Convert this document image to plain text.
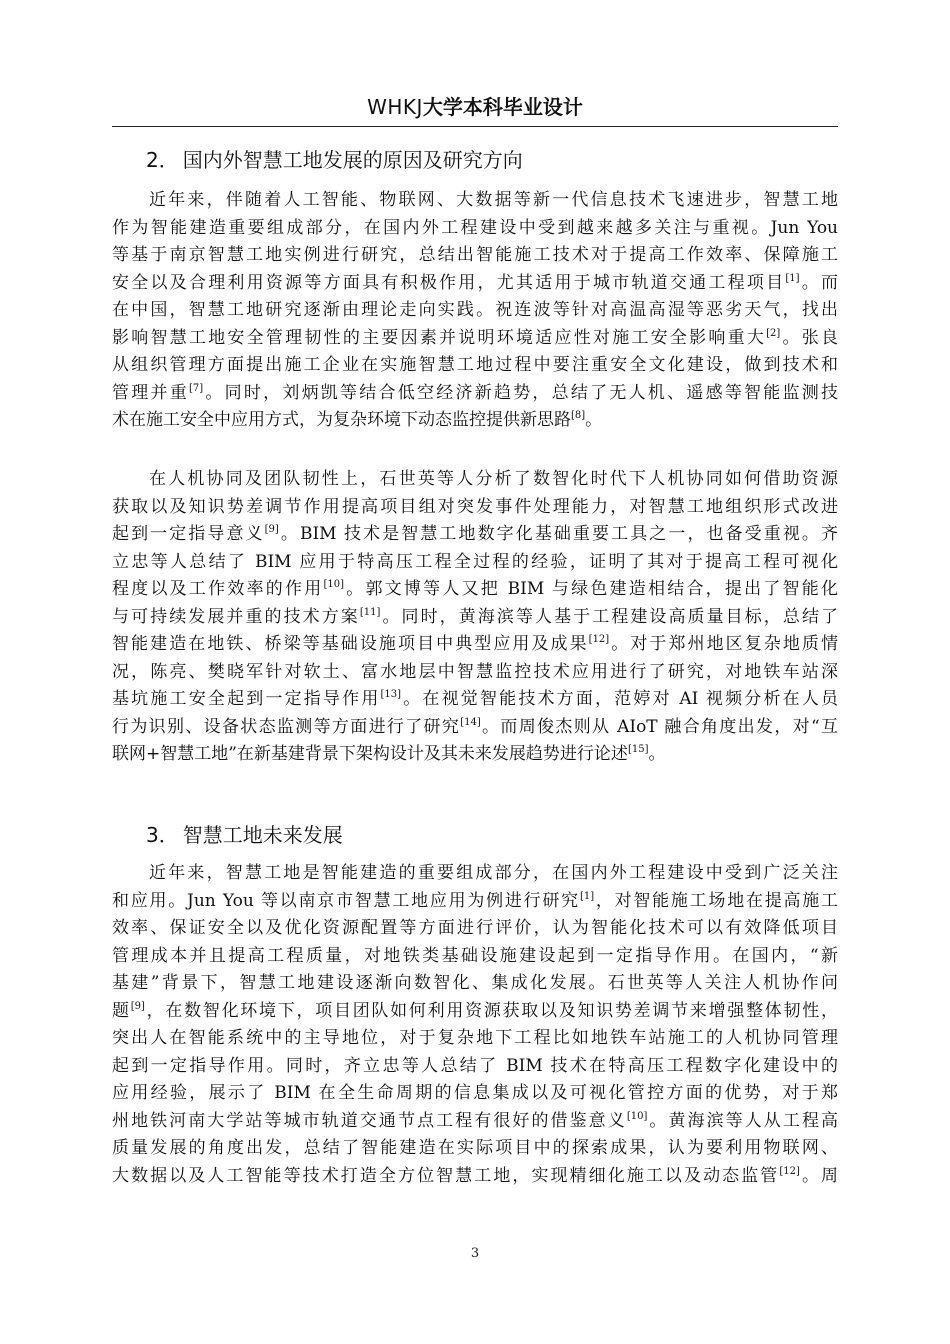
WHKJ大学本科毕业设计
2． 国内外智慧工地发展的原因及研究方向
近年来，伴随着人工智能、物联网、大数据等新一代信息技术飞速进步，智慧工地
作为智能建造重要组成部分，在国内外工程建设中受到越来越多关注与重视。Jun You
等基于南京智慧工地实例进行研究，总结出智能施工技术对于提高工作效率、保障施工
安全以及合理利用资源等方面具有积极作用，尤其适用于城市轨道交通工程项目[1]。而
在中国，智慧工地研究逐渐由理论走向实践。祝连波等针对高温高湿等恶劣天气，找出
影响智慧工地安全管理韧性的主要因素并说明环境适应性对施工安全影响重大[2]。张良
从组织管理方面提出施工企业在实施智慧工地过程中要注重安全文化建设，做到技术和
管理并重[7]。同时，刘炳凯等结合低空经济新趋势，总结了无人机、遥感等智能监测技
术在施工安全中应用方式，为复杂环境下动态监控提供新思路[8]。
在人机协同及团队韧性上，石世英等人分析了数智化时代下人机协同如何借助资源
获取以及知识势差调节作用提高项目组对突发事件处理能力，对智慧工地组织形式改进
起到一定指导意义[9]。BIM 技术是智慧工地数字化基础重要工具之一，也备受重视。齐
立忠等人总结了 BIM 应用于特高压工程全过程的经验，证明了其对于提高工程可视化
程度以及工作效率的作用[10]。郭文博等人又把 BIM 与绿色建造相结合，提出了智能化
与可持续发展并重的技术方案[11]。同时，黄海滨等人基于工程建设高质量目标，总结了
智能建造在地铁、桥梁等基础设施项目中典型应用及成果[12]。对于郑州地区复杂地质情
况，陈亮、樊晓军针对软土、富水地层中智慧监控技术应用进行了研究，对地铁车站深
基坑施工安全起到一定指导作用[13]。在视觉智能技术方面，范婷对 AI 视频分析在人员
行为识别、设备状态监测等方面进行了研究[14]。而周俊杰则从 AIoT 融合角度出发，对“互
联网+智慧工地”在新基建背景下架构设计及其未来发展趋势进行论述[15]。
3． 智慧工地未来发展
近年来，智慧工地是智能建造的重要组成部分，在国内外工程建设中受到广泛关注
和应用。Jun You 等以南京市智慧工地应用为例进行研究[1]，对智能施工场地在提高施工
效率、保证安全以及优化资源配置等方面进行评价，认为智能化技术可以有效降低项目
管理成本并且提高工程质量，对地铁类基础设施建设起到一定指导作用。在国内，“新
基建”背景下，智慧工地建设逐渐向数智化、集成化发展。石世英等人关注人机协作问
题[9]，在数智化环境下，项目团队如何利用资源获取以及知识势差调节来增强整体韧性，
突出人在智能系统中的主导地位，对于复杂地下工程比如地铁车站施工的人机协同管理
起到一定指导作用。同时，齐立忠等人总结了 BIM 技术在特高压工程数字化建设中的
应用经验，展示了 BIM 在全生命周期的信息集成以及可视化管控方面的优势，对于郑
州地铁河南大学站等城市轨道交通节点工程有很好的借鉴意义[10]。黄海滨等人从工程高
质量发展的角度出发，总结了智能建造在实际项目中的探索成果，认为要利用物联网、
大数据以及人工智能等技术打造全方位智慧工地，实现精细化施工以及动态监管[12]。周
3
